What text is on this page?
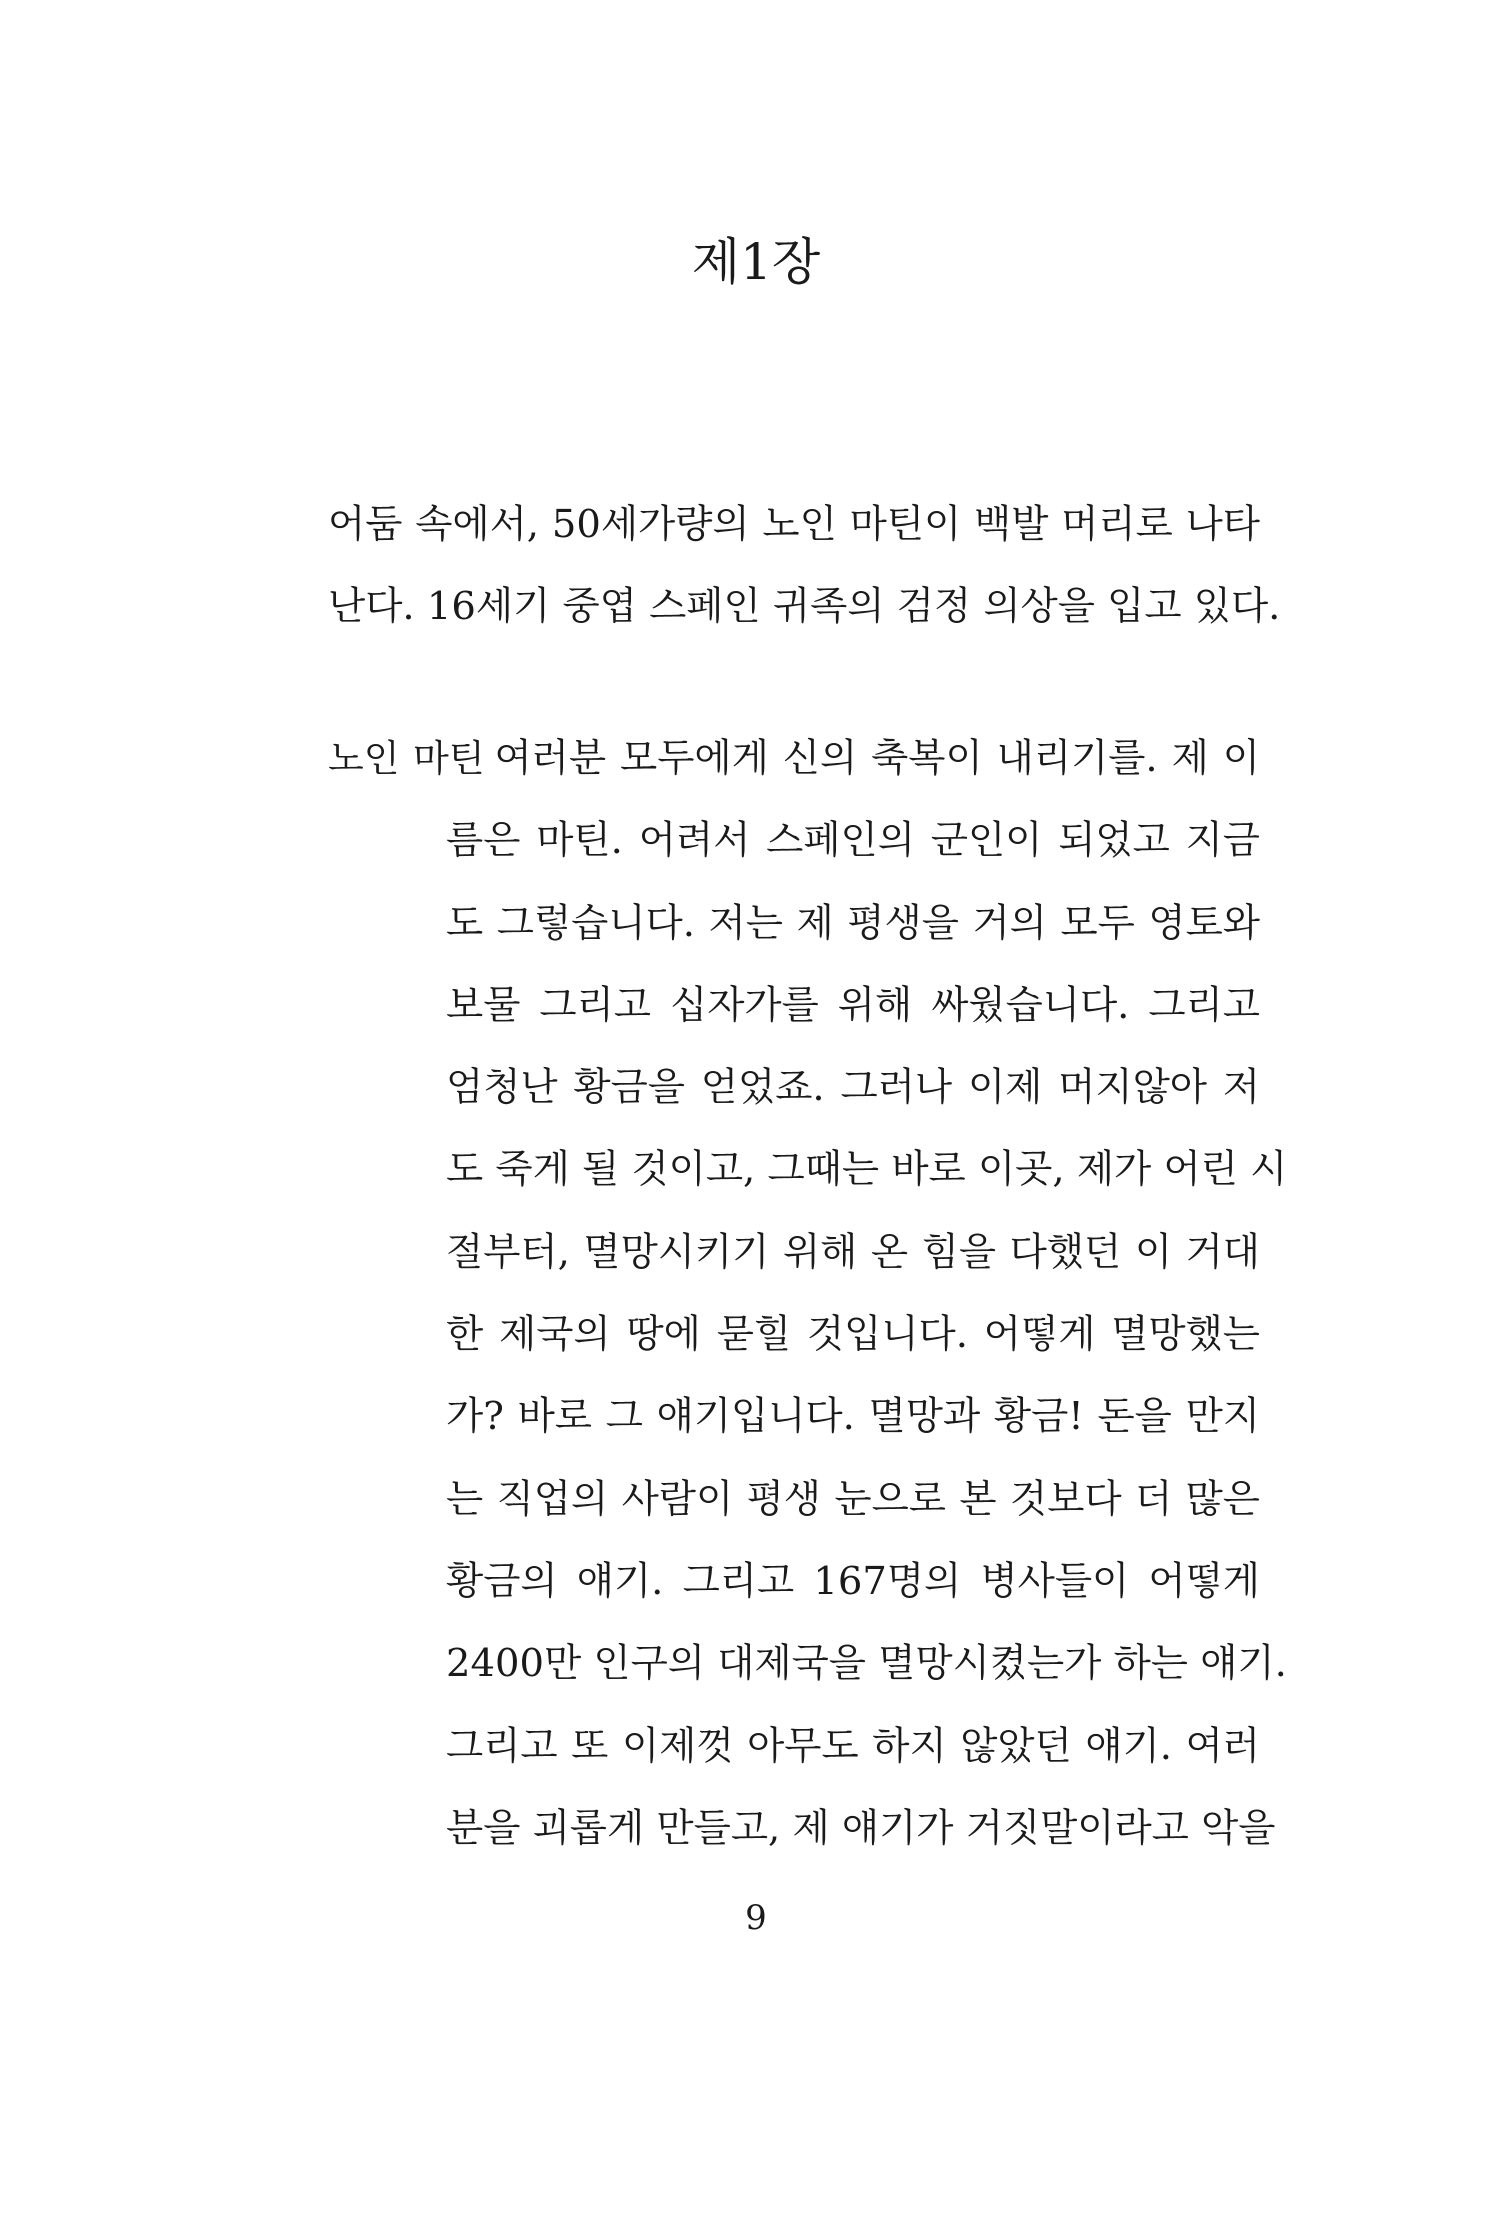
제1장

어둠 속에서, 50세가량의 노인 마틴이 백발 머리로 나타

난다. 16세기 중엽 스페인 귀족의 검정 의상을 입고 있다.

노인 마틴 여러분 모두에게 신의 축복이 내리기를. 제 이
름은 마틴. 어려서 스페인의 군인이 되었고 지금
도 그렇습니다. 저는 제 평생을 거의 모두 영토와
보물 그리고 십자가를 위해 싸웠습니다. 그리고
엄청난 황금을 얻었죠. 그러나 이제 머지않아 저
도 죽게 될 것이고, 그때는 바로 이곳, 제가 어린 시
절부터, 멸망시키기 위해 온 힘을 다했던 이 거대
한 제국의 땅에 묻힐 것입니다. 어떻게 멸망했는
가? 바로 그 얘기입니다. 멸망과 황금! 돈을 만지
는 직업의 사람이 평생 눈으로 본 것보다 더 많은
황금의 얘기. 그리고 167명의 병사들이 어떻게
2400만 인구의 대제국을 멸망시켰는가 하는 얘기.
그리고 또 이제껏 아무도 하지 않았던 얘기. 여러
분을 괴롭게 만들고, 제 얘기가 거짓말이라고 악을
9
